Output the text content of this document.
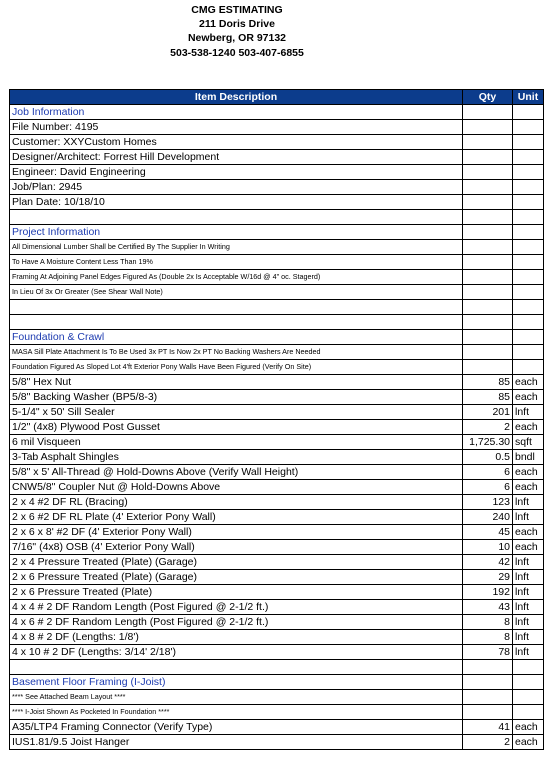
CMG ESTIMATING
211 Doris Drive
Newberg, OR 97132
503-538-1240 503-407-6855
Item Description	Qty	Unit
Job Information		
File Number: 4195		
Customer: XXYCustom Homes		
Designer/Architect: Forrest Hill Development		
Engineer: David Engineering		
Job/Plan: 2945		
Plan Date: 10/18/10		

Project Information		
All Dimensional Lumber Shall be Certified By The Supplier In Writing		
To Have A Moisture Content Less Than 19%		
Framing At Adjoining Panel Edges Figured As (Double 2x Is Acceptable W/16d @ 4" oc. Stagerd)		
In Lieu Of 3x Or Greater (See Shear Wall Note)		

Foundation & Crawl		
MASA Sill Plate Attachment Is To Be Used 3x PT Is Now 2x PT No Backing Washers Are Needed		
Foundation Figured As Sloped Lot 4'ft Exterior Pony Walls Have Been Figured (Verify On Site)		
5/8" Hex Nut	85	each
5/8" Backing Washer (BP5/8-3)	85	each
5-1/4" x 50' Sill Sealer	201	lnft
1/2" (4x8) Plywood Post Gusset	2	each
6 mil Visqueen	1,725.30	sqft
3-Tab Asphalt Shingles	0.5	bndl
5/8" x 5' All-Thread @ Hold-Downs Above (Verify Wall Height)	6	each
CNW5/8" Coupler Nut @ Hold-Downs Above	6	each
2 x 4 #2 DF RL (Bracing)	123	lnft
2 x 6 #2 DF RL Plate (4' Exterior Pony Wall)	240	lnft
2 x 6 x 8' #2 DF (4' Exterior Pony Wall)	45	each
7/16" (4x8) OSB (4' Exterior Pony Wall)	10	each
2 x 4 Pressure Treated (Plate) (Garage)	42	lnft
2 x 6 Pressure Treated (Plate) (Garage)	29	lnft
2 x 6 Pressure Treated (Plate)	192	lnft
4 x 4 # 2 DF Random Length (Post Figured @ 2-1/2 ft.)	43	lnft
4 x 6 # 2 DF Random Length (Post Figured @ 2-1/2 ft.)	8	lnft
4 x 8 # 2 DF (Lengths: 1/8')	8	lnft
4 x 10 # 2 DF (Lengths: 3/14' 2/18')	78	lnft

Basement Floor Framing (I-Joist)		
**** See Attached Beam Layout ****		
**** I-Joist Shown As Pocketed In Foundation ****		
A35/LTP4 Framing Connector (Verify Type)	41	each
IUS1.81/9.5 Joist Hanger	2	each
